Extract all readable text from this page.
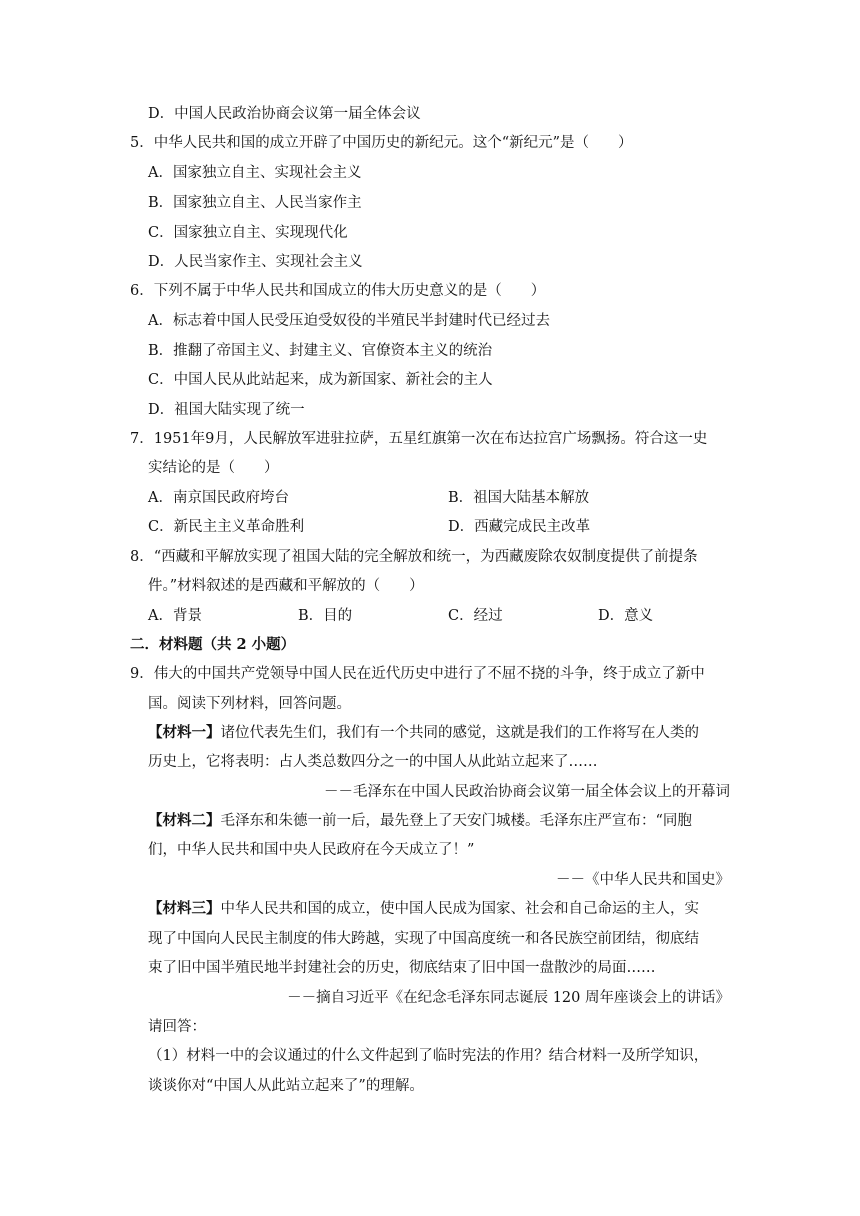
D．中国人民政治协商会议第一届全体会议
5．中华人民共和国的成立开辟了中国历史的新纪元。这个“新纪元”是（　　）
A．国家独立自主、实现社会主义
B．国家独立自主、人民当家作主
C．国家独立自主、实现现代化
D．人民当家作主、实现社会主义
6．下列不属于中华人民共和国成立的伟大历史意义的是（　　）
A．标志着中国人民受压迫受奴役的半殖民半封建时代已经过去
B．推翻了帝国主义、封建主义、官僚资本主义的统治
C．中国人民从此站起来，成为新国家、新社会的主人
D．祖国大陆实现了统一
7．1951年9月，人民解放军进驻拉萨，五星红旗第一次在布达拉宫广场飘扬。符合这一史
实结论的是（　　）
A．南京国民政府垮台	B．祖国大陆基本解放
C．新民主主义革命胜利	D．西藏完成民主改革
8．“西藏和平解放实现了祖国大陆的完全解放和统一，为西藏废除农奴制度提供了前提条
件。”材料叙述的是西藏和平解放的（　　）
A．背景	B．目的	C．经过	D．意义
二．材料题（共 2 小题）
9．伟大的中国共产党领导中国人民在近代历史中进行了不屈不挠的斗争，终于成立了新中
国。阅读下列材料，回答问题。
【材料一】诸位代表先生们，我们有一个共同的感觉，这就是我们的工作将写在人类的
历史上，它将表明：占人类总数四分之一的中国人从此站立起来了……
－－毛泽东在中国人民政治协商会议第一届全体会议上的开幕词
【材料二】毛泽东和朱德一前一后，最先登上了天安门城楼。毛泽东庄严宣布：“同胞
们，中华人民共和国中央人民政府在今天成立了！”
－－《中华人民共和国史》
【材料三】中华人民共和国的成立，使中国人民成为国家、社会和自己命运的主人，实
现了中国向人民民主制度的伟大跨越，实现了中国高度统一和各民族空前团结，彻底结
束了旧中国半殖民地半封建社会的历史，彻底结束了旧中国一盘散沙的局面……
－－摘自习近平《在纪念毛泽东同志诞辰 120 周年座谈会上的讲话》
请回答：
（1）材料一中的会议通过的什么文件起到了临时宪法的作用？结合材料一及所学知识，
谈谈你对“中国人从此站立起来了”的理解。
